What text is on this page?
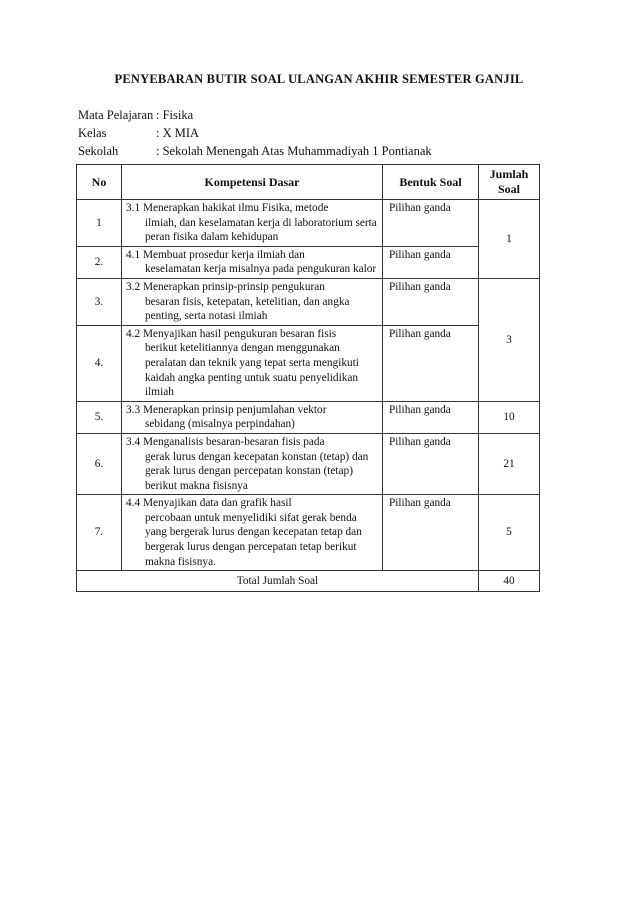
PENYEBARAN BUTIR SOAL ULANGAN AKHIR SEMESTER GANJIL
Mata Pelajaran : Fisika
Kelas	: X MIA
Sekolah	: Sekolah Menengah Atas Muhammadiyah 1 Pontianak
No	Kompetensi Dasar	Bentuk Soal	Jumlah Soal
1	3.1 Menerapkan hakikat ilmu Fisika, metode
ilmiah, dan keselamatan kerja di laboratorium serta peran fisika dalam kehidupan	Pilihan ganda	1
2.	4.1 Membuat prosedur kerja ilmiah dan
keselamatan kerja misalnya pada pengukuran kalor	Pilihan ganda	
3.	3.2 Menerapkan prinsip-prinsip pengukuran
besaran fisis, ketepatan, ketelitian, dan angka penting, serta notasi ilmiah	Pilihan ganda	3
4.	4.2 Menyajikan hasil pengukuran besaran fisis
berikut ketelitiannya dengan menggunakan peralatan dan teknik yang tepat serta mengikuti kaidah angka penting untuk suatu penyelidikan ilmiah	Pilihan ganda	
5.	3.3 Menerapkan prinsip penjumlahan vektor
sebidang (misalnya perpindahan)	Pilihan ganda	10
6.	3.4 Menganalisis besaran-besaran fisis pada
gerak lurus dengan kecepatan konstan (tetap) dan gerak lurus dengan percepatan konstan (tetap) berikut makna fisisnya	Pilihan ganda	21
7.	4.4 Menyajikan data dan grafik hasil
percobaan untuk menyelidiki sifat gerak benda yang bergerak lurus dengan kecepatan tetap dan bergerak lurus dengan percepatan tetap berikut makna fisisnya.	Pilihan ganda	5
Total Jumlah Soal			40
